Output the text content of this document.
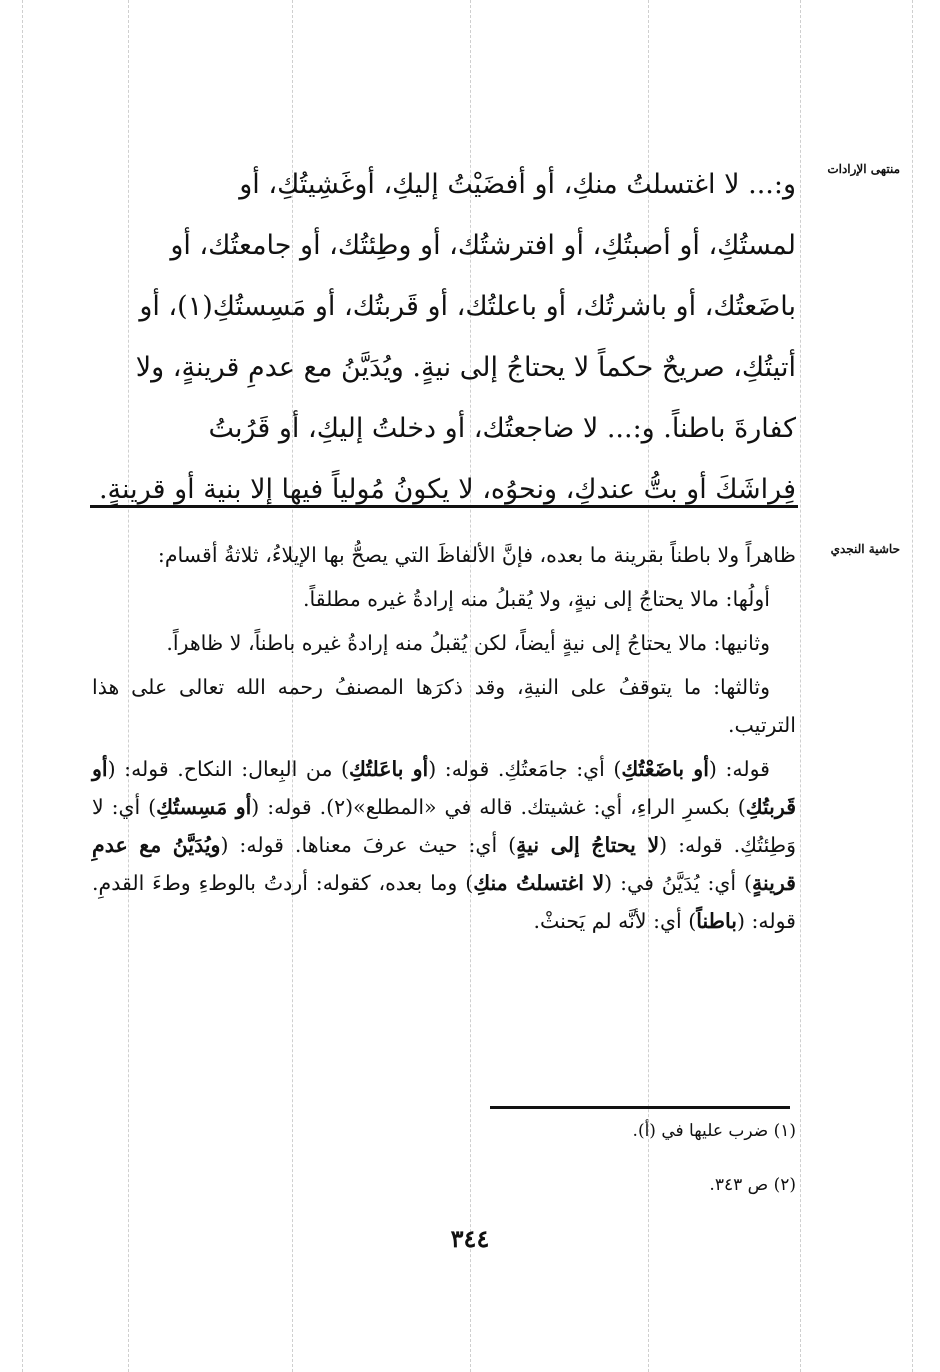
منتهى الإرادات
حاشية النجدي

و:... لا اغتسلتُ منكِ، أو أفضَيْتُ إليكِ، أوغَشِيتُكِ، أو

لمستُكِ، أو أصبتُكِ، أو افترشتُك، أو وطِئتُك، أو جامعتُك، أو

باضَعتُك، أو باشرتُك، أو باعلتُك، أو قَربتُك، أو مَسِستُكِ(١)، أو

أتيتُكِ، صريحٌ حكماً لا يحتاجُ إلى نيةٍ. ويُدَيَّنُ مع عدمِ قرينةٍ، ولا

كفارةَ باطناً. و:... لا ضاجعتُك، أو دخلتُ إليكِ، أو قَرُبتُ

فِراشَكَ أو بتُّ عندكِ، ونحوُه، لا يكونُ مُولياً فيها إلا بنية أو قرينةٍ.

ظاهراً ولا باطناً بقرينة ما بعده، فإنَّ الألفاظَ التي يصحُّ بها الإيلاءُ، ثلاثةُ أقسام:

أولُها: مالا يحتاجُ إلى نيةٍ، ولا يُقبلُ منه إرادةُ غيره مطلقاً.

وثانيها: مالا يحتاجُ إلى نيةٍ أيضاً، لكن يُقبلُ منه إرادةُ غيره باطناً، لا ظاهراً.

وثالثها: ما يتوقفُ على النيةِ، وقد ذكرَها المصنفُ رحمه الله تعالى على هذا الترتيب.

قوله: (أو باضَعْتُكِ) أي: جامَعتُكِ. قوله: (أو باعَلتُكِ) من البِعال: النكاح. قوله: (أو قَربتُكِ) بكسرِ الراءِ، أي: غشيتك. قاله في «المطلع»(٢). قوله: (أو مَسِستُكِ) أي: لا وَطِئتُكِ. قوله: (لا يحتاجُ إلى نيةٍ) أي: حيث عرفَ معناها. قوله: (ويُدَيَّنُ مع عدمِ قرينةٍ) أي: يُدَيَّنُ في: (لا اغتسلتُ منكِ) وما بعده، كقوله: أردتُ بالوطءِ وطءَ القدمِ. قوله: (باطناً) أي: لأنَّه لم يَحنثْ.

(١) ضرب عليها في (أ).

(٢) ص ٣٤٣.

٣٤٤
